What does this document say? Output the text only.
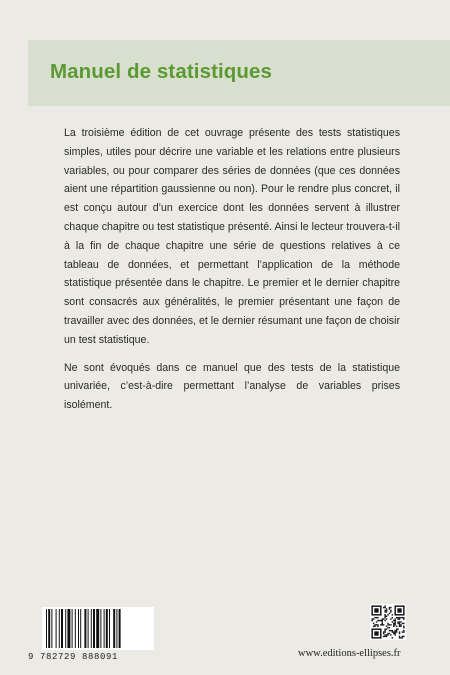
Manuel de statistiques

La troisième édition de cet ouvrage présente des tests statistiques simples, utiles pour décrire une variable et les relations entre plusieurs variables, ou pour comparer des séries de données (que ces données aient une répartition gaussienne ou non). Pour le rendre plus concret, il est conçu autour d’un exercice dont les données servent à illustrer chaque chapitre ou test statistique présenté. Ainsi le lecteur trouvera-t-il à la fin de chaque chapitre une série de questions relatives à ce tableau de données, et permettant l’application de la méthode statistique présentée dans le chapitre. Le premier et le dernier chapitre sont consacrés aux généralités, le premier présentant une façon de travailler avec des données, et le dernier résumant une façon de choisir un test statistique.

Ne sont évoqués dans ce manuel que des tests de la statistique univariée, c’est-à-dire permettant l’analyse de variables prises isolément.

9 782729 888091	www.editions-ellipses.fr
